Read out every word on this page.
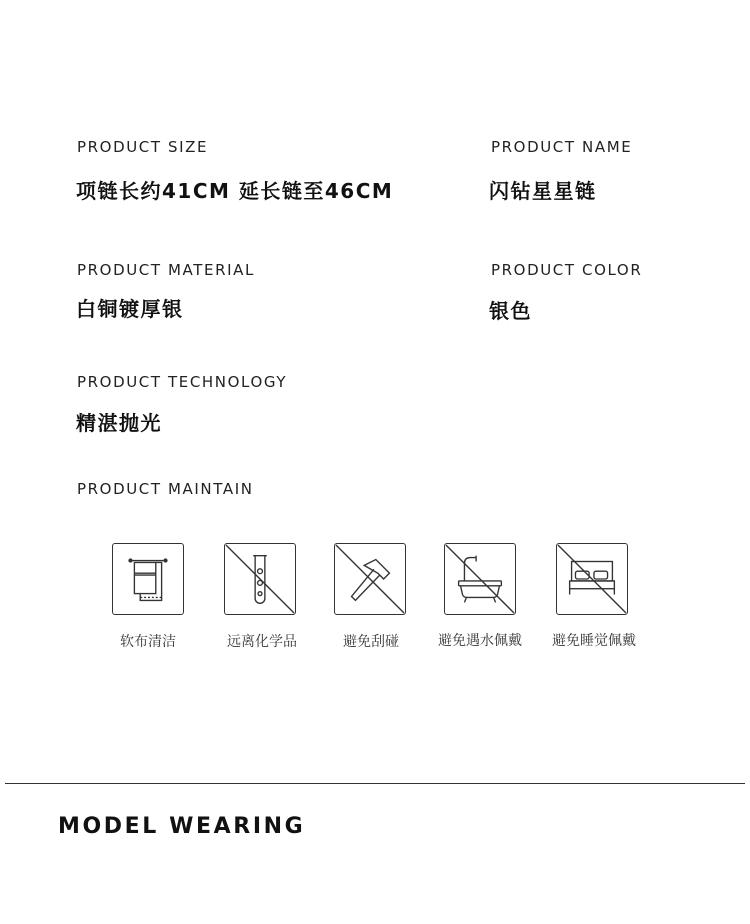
PRODUCT SIZE
项链长约41CM 延长链至46CM
PRODUCT NAME
闪钻星星链
PRODUCT MATERIAL
白铜镀厚银
PRODUCT COLOR
银色
PRODUCT TECHNOLOGY
精湛抛光
PRODUCT MAINTAIN
软布清洁	远离化学品	避免刮碰	避免遇水佩戴	避免睡觉佩戴
MODEL WEARING
